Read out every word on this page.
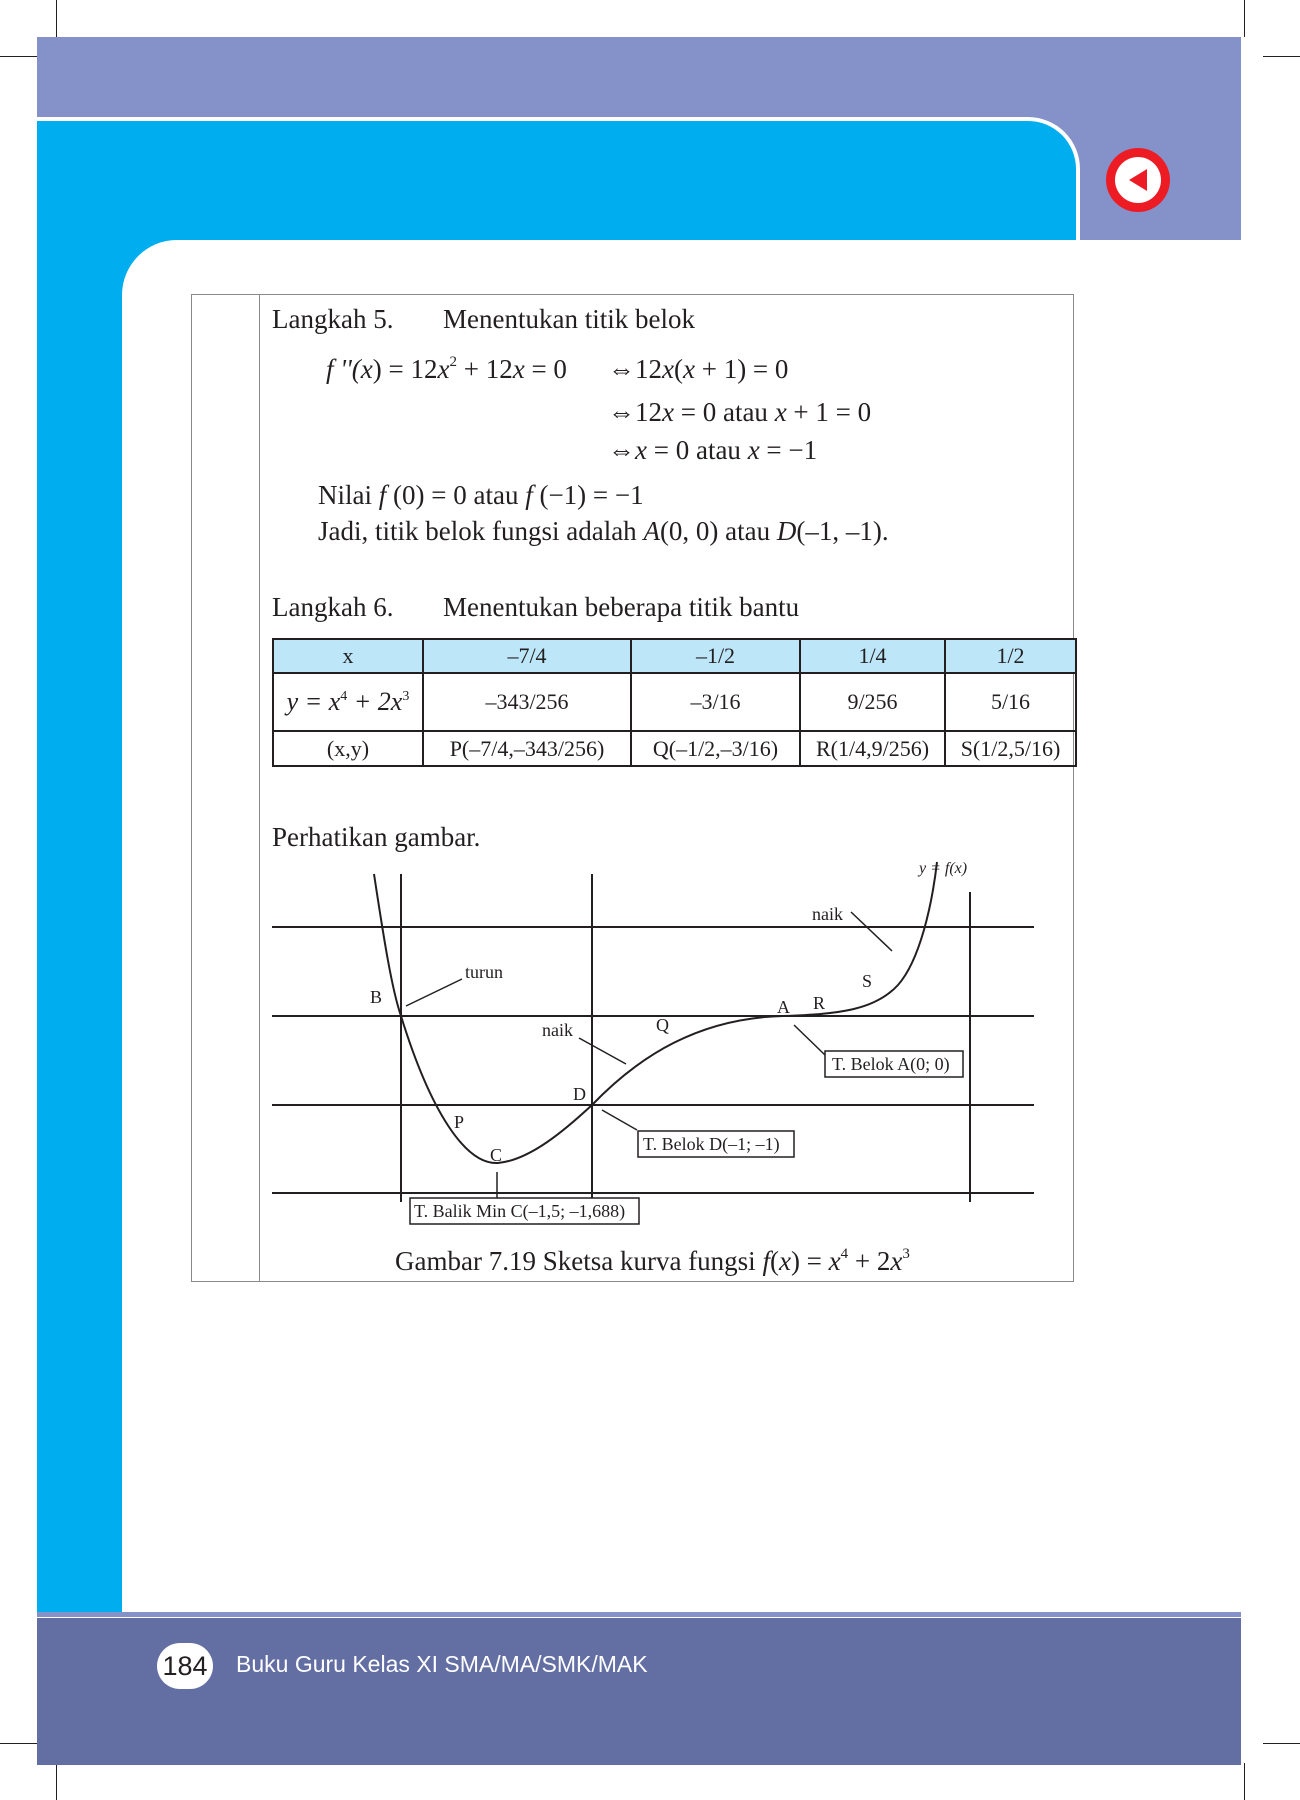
Langkah 5. Menentukan titik belok
f ''$(x) = 12x^2 + 12x = 0$ ⇔12x(x + 1) = 0
⇔12x = 0 atau x + 1 = 0
⇔x = 0 atau x = −1
Nilai f (0) = 0 atau f (−1) = −1
Jadi, titik belok fungsi adalah A(0, 0) atau D(–1, –1).
Langkah 6. Menentukan beberapa titik bantu
x	–7/4	–1/2	1/4	1/2
$y = x^4 + 2x^3$	–343/256	–3/16	9/256	5/16
(x,y)	P(–7/4,–343/256)	Q(–1/2,–3/16)	R(1/4,9/256)	S(1/2,5/16)
Perhatikan gambar.
y = f(x)
naik
turun
naik
B
Q
A R
S
D
P
C
T. Belok A(0; 0)
T. Belok D(–1; –1)
T. Balik Min C(–1,5; –1,688)
Gambar 7.19 Sketsa kurva fungsi $f(x) = x^4 + 2x^3$
184 Buku Guru Kelas XI SMA/MA/SMK/MAK
